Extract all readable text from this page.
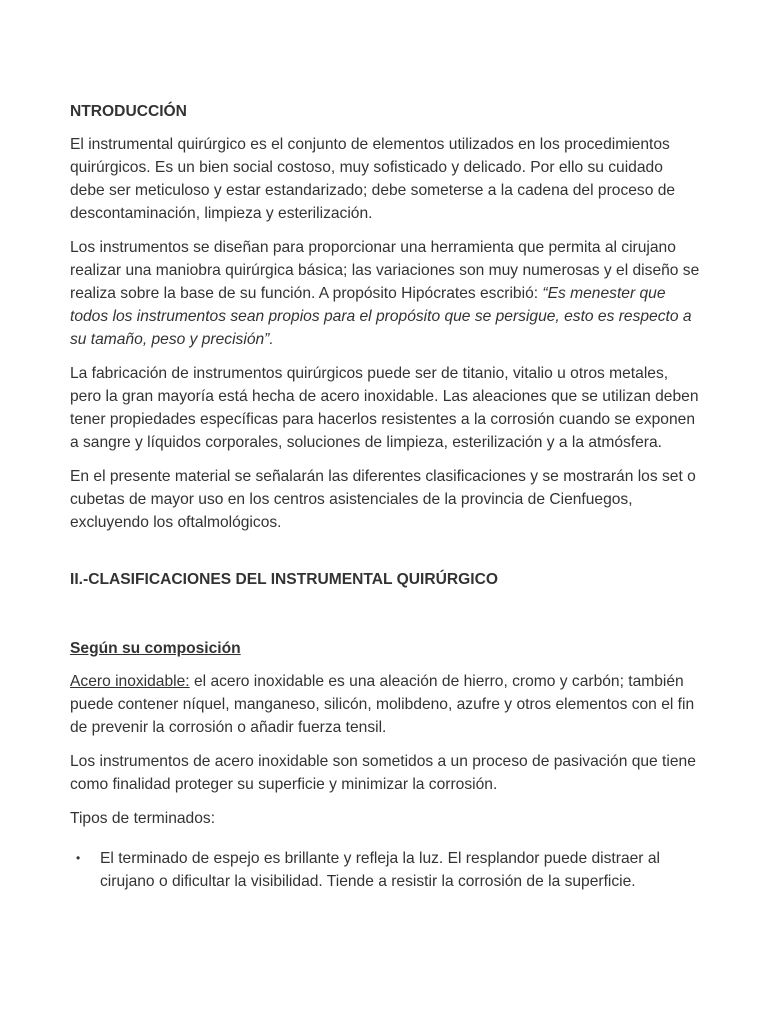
NTRODUCCIÓN

El instrumental quirúrgico es el conjunto de elementos utilizados en los procedimientos quirúrgicos. Es un bien social costoso, muy sofisticado y delicado. Por ello su cuidado debe ser meticuloso y estar estandarizado; debe someterse a la cadena del proceso de descontaminación, limpieza y esterilización.

Los instrumentos se diseñan para proporcionar una herramienta que permita al cirujano realizar una maniobra quirúrgica básica; las variaciones son muy numerosas y el diseño se realiza sobre la base de su función. A propósito Hipócrates escribió: “Es menester que todos los instrumentos sean propios para el propósito que se persigue, esto es respecto a su tamaño, peso y precisión”.

La fabricación de instrumentos quirúrgicos puede ser de titanio, vitalio u otros metales, pero la gran mayoría está hecha de acero inoxidable. Las aleaciones que se utilizan deben tener propiedades específicas para hacerlos resistentes a la corrosión cuando se exponen a sangre y líquidos corporales, soluciones de limpieza, esterilización y a la atmósfera.

En el presente material se señalarán las diferentes clasificaciones y se mostrarán los set o cubetas de mayor uso en los centros asistenciales de la provincia de Cienfuegos, excluyendo los oftalmológicos.

II.-CLASIFICACIONES DEL INSTRUMENTAL QUIRÚRGICO
Según su composición

Acero inoxidable: el acero inoxidable es una aleación de hierro, cromo y carbón; también puede contener níquel, manganeso, silicón, molibdeno, azufre y otros elementos con el fin de prevenir la corrosión o añadir fuerza tensil.

Los instrumentos de acero inoxidable son sometidos a un proceso de pasivación que tiene como finalidad proteger su superficie y minimizar la corrosión.

Tipos de terminados:

• El terminado de espejo es brillante y refleja la luz. El resplandor puede distraer al cirujano o dificultar la visibilidad. Tiende a resistir la corrosión de la superficie.
